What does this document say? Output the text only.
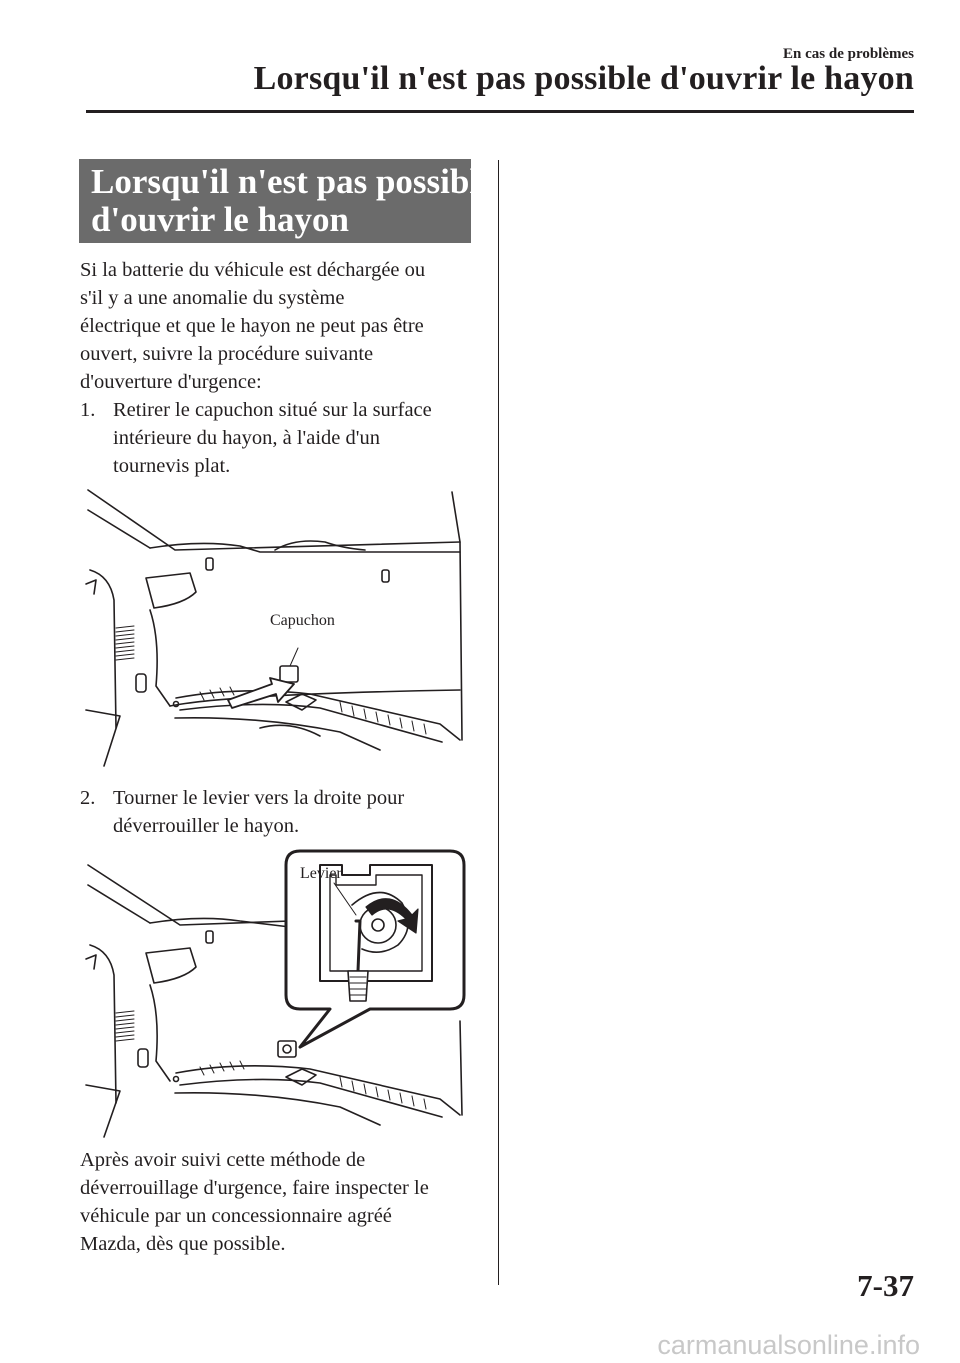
En cas de problèmes
Lorsqu'il n'est pas possible d'ouvrir le hayon
Lorsqu'il n'est pas possible
d'ouvrir le hayon
Si la batterie du véhicule est déchargée ou
s'il y a une anomalie du système
électrique et que le hayon ne peut pas être
ouvert, suivre la procédure suivante
d'ouverture d'urgence:
1. Retirer le capuchon situé sur la surface
intérieure du hayon, à l'aide d'un
tournevis plat.
Capuchon
2. Tourner le levier vers la droite pour
déverrouiller le hayon.
Levier
Après avoir suivi cette méthode de
déverrouillage d'urgence, faire inspecter le
véhicule par un concessionnaire agréé
Mazda, dès que possible.
7-37
carmanualsonline.info
